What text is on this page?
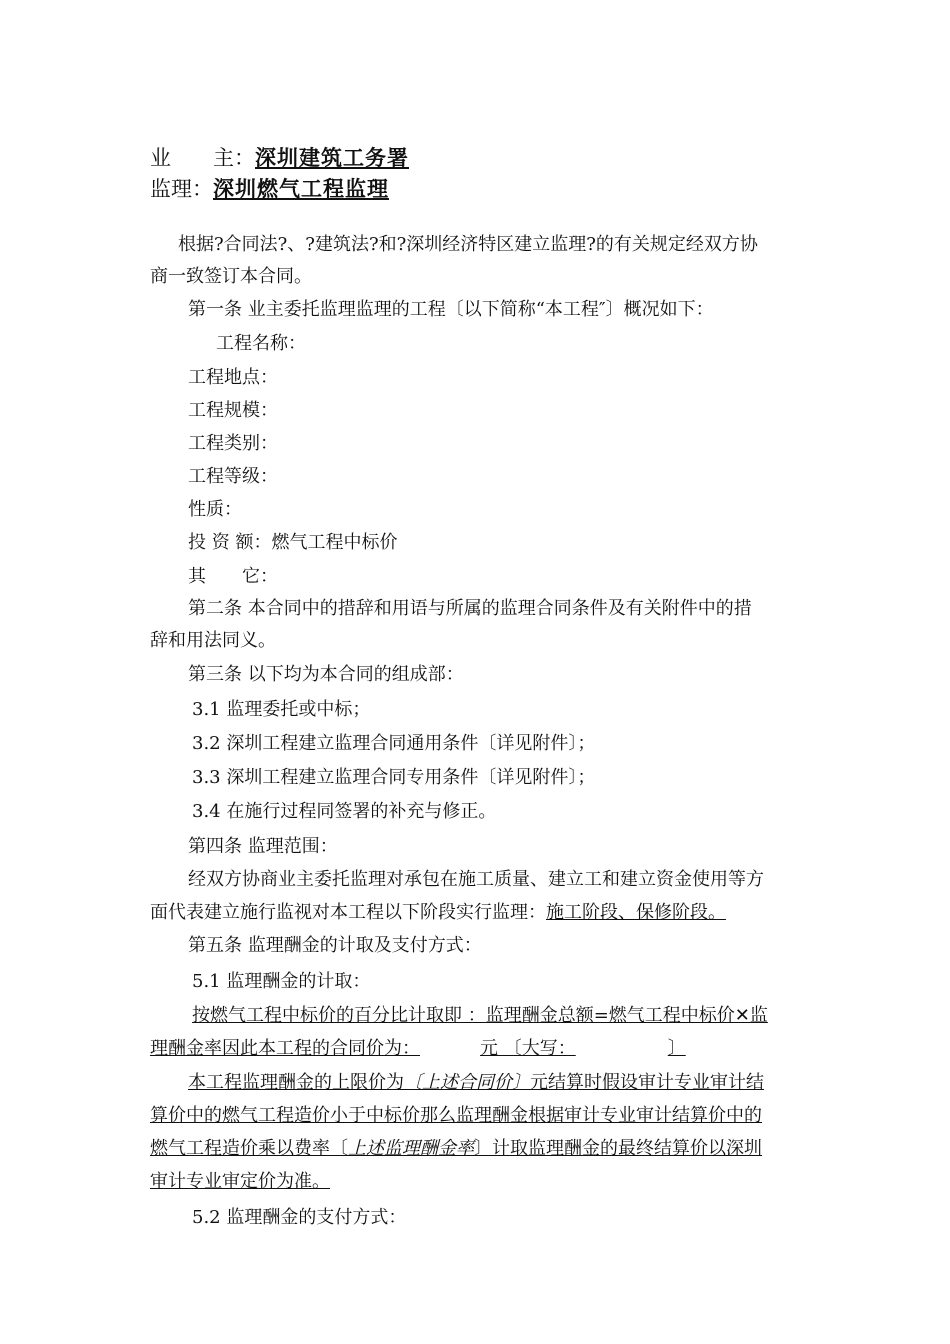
业　　主：深圳建筑工务署
监理：深圳燃气工程监理
根据?合同法?、?建筑法?和?深圳经济特区建立监理?的有关规定经双方协
商一致签订本合同。
第一条 业主委托监理监理的工程〔以下简称“本工程″〕概况如下：
工程名称：
工程地点：
工程规模：
工程类别：
工程等级：
性质：
投 资 额：燃气工程中标价
其　　它：
第二条 本合同中的措辞和用语与所属的监理合同条件及有关附件中的措
辞和用法同义。
第三条 以下均为本合同的组成部：
3.1 监理委托或中标；
3.2 深圳工程建立监理合同通用条件〔详见附件〕；
3.3 深圳工程建立监理合同专用条件〔详见附件〕；
3.4 在施行过程同签署的补充与修正。
第四条 监理范围：
经双方协商业主委托监理对承包在施工质量、建立工和建立资金使用等方
面代表建立施行监视对本工程以下阶段实行监理：施工阶段、保修阶段。
第五条 监理酬金的计取及支付方式：
5.1 监理酬金的计取：
按燃气工程中标价的百分比计取即 ：监理酬金总额=燃气工程中标价✕监
理酬金率因此本工程的合同价为：	元 〔大写：	〕
本工程监理酬金的上限价为〔上述合同价〕元结算时假设审计专业审计结
算价中的燃气工程造价小于中标价那么监理酬金根据审计专业审计结算价中的
燃气工程造价乘以费率〔上述监理酬金率〕计取监理酬金的最终结算价以深圳
审计专业审定价为准。
5.2 监理酬金的支付方式：
